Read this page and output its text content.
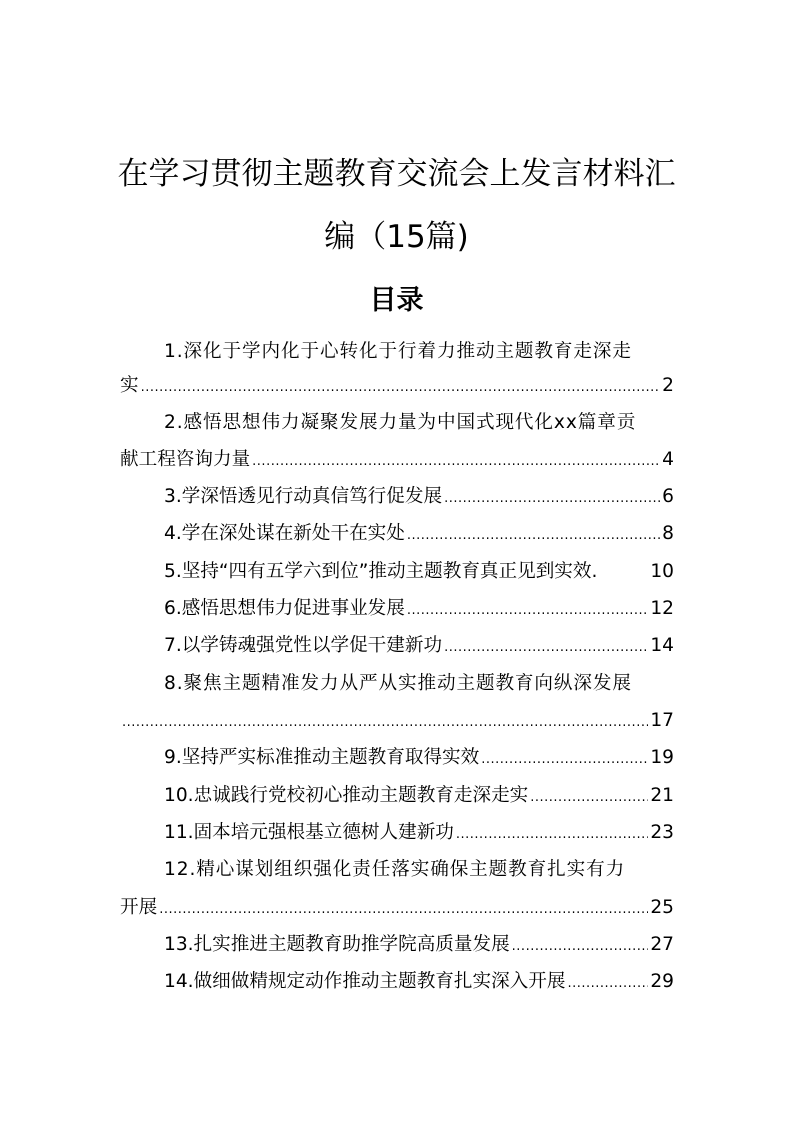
在学习贯彻主题教育交流会上发言材料汇
编（15篇)
目录
1.深化于学内化于心转化于行着力推动主题教育走深走
实 .....	2
2.感悟思想伟力凝聚发展力量为中国式现代化xx篇章贡
献工程咨询力量 .....	4
3.学深悟透见行动真信笃行促发展 .....	6
4.学在深处谋在新处干在实处 .....	8
5.坚持“四有五学六到位”推动主题教育真正见到实效.	10
6.感悟思想伟力促进事业发展 .....	12
7.以学铸魂强党性以学促干建新功 .....	14
8.聚焦主题精准发力从严从实推动主题教育向纵深发展
.....
17
9.坚持严实标准推动主题教育取得实效 .....	19
10.忠诚践行党校初心推动主题教育走深走实 .....	21
11.固本培元强根基立德树人建新功 .....	23
12.精心谋划组织强化责任落实确保主题教育扎实有力
开展 .....	25
13.扎实推进主题教育助推学院高质量发展 .....	27
14.做细做精规定动作推动主题教育扎实深入开展 .....	29
